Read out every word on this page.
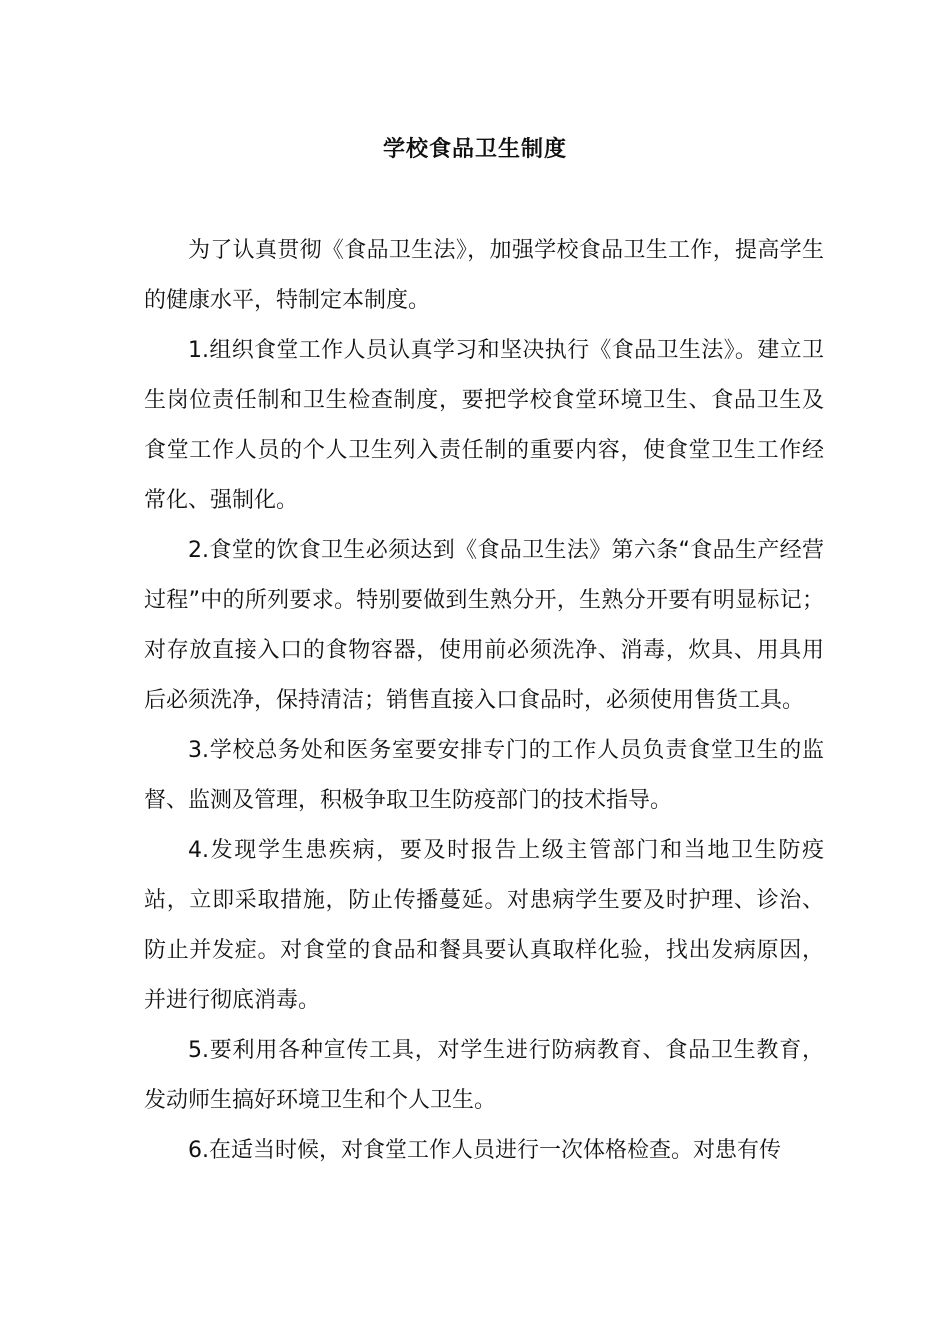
学校食品卫生制度

为了认真贯彻《食品卫生法》，加强学校食品卫生工作，提高学生的健康水平，特制定本制度。

1.组织食堂工作人员认真学习和坚决执行《食品卫生法》。建立卫生岗位责任制和卫生检查制度，要把学校食堂环境卫生、食品卫生及食堂工作人员的个人卫生列入责任制的重要内容，使食堂卫生工作经常化、强制化。

2.食堂的饮食卫生必须达到《食品卫生法》第六条“食品生产经营过程”中的所列要求。特别要做到生熟分开，生熟分开要有明显标记；对存放直接入口的食物容器，使用前必须洗净、消毒，炊具、用具用后必须洗净，保持清洁；销售直接入口食品时，必须使用售货工具。

3.学校总务处和医务室要安排专门的工作人员负责食堂卫生的监督、监测及管理，积极争取卫生防疫部门的技术指导。

4.发现学生患疾病，要及时报告上级主管部门和当地卫生防疫站，立即采取措施，防止传播蔓延。对患病学生要及时护理、诊治、防止并发症。对食堂的食品和餐具要认真取样化验，找出发病原因，并进行彻底消毒。

5.要利用各种宣传工具，对学生进行防病教育、食品卫生教育，发动师生搞好环境卫生和个人卫生。

6.在适当时候，对食堂工作人员进行一次体格检查。对患有传
